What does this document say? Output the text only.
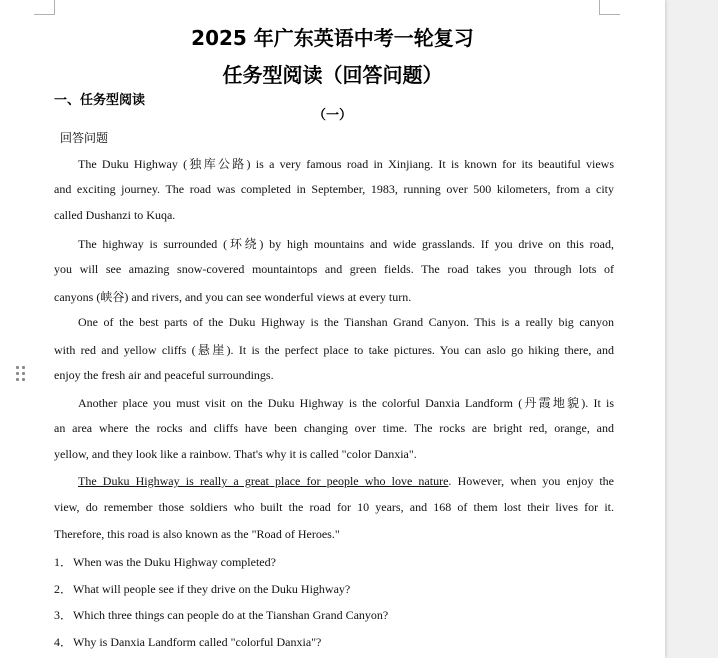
2025 年广东英语中考一轮复习
任务型阅读（回答问题）
一、任务型阅读
（一）
回答问题
The Duku Highway (独库公路) is a very famous road in Xinjiang. It is known for its beautiful views
and exciting journey. The road was completed in September, 1983, running over 500 kilometers, from a city
called Dushanzi to Kuqa.
The highway is surrounded (环绕) by high mountains and wide grasslands. If you drive on this road,
you will see amazing snow-covered mountaintops and green fields. The road takes you through lots of
canyons (峡谷) and rivers, and you can see wonderful views at every turn.
One of the best parts of the Duku Highway is the Tianshan Grand Canyon. This is a really big canyon
with red and yellow cliffs (悬崖). It is the perfect place to take pictures. You can aslo go hiking there, and
enjoy the fresh air and peaceful surroundings.
Another place you must visit on the Duku Highway is the colorful Danxia Landform (丹霞地貌). It is
an area where the rocks and cliffs have been changing over time. The rocks are bright red, orange, and
yellow, and they look like a rainbow. That's why it is called "color Danxia".
The Duku Highway is really a great place for people who love nature. However, when you enjoy the
view, do remember those soldiers who built the road for 10 years, and 168 of them lost their lives for it.
Therefore, this road is also known as the "Road of Heroes."
1．When was the Duku Highway completed?
2．What will people see if they drive on the Duku Highway?
3．Which three things can people do at the Tianshan Grand Canyon?
4．Why is Danxia Landform called "colorful Danxia"?
